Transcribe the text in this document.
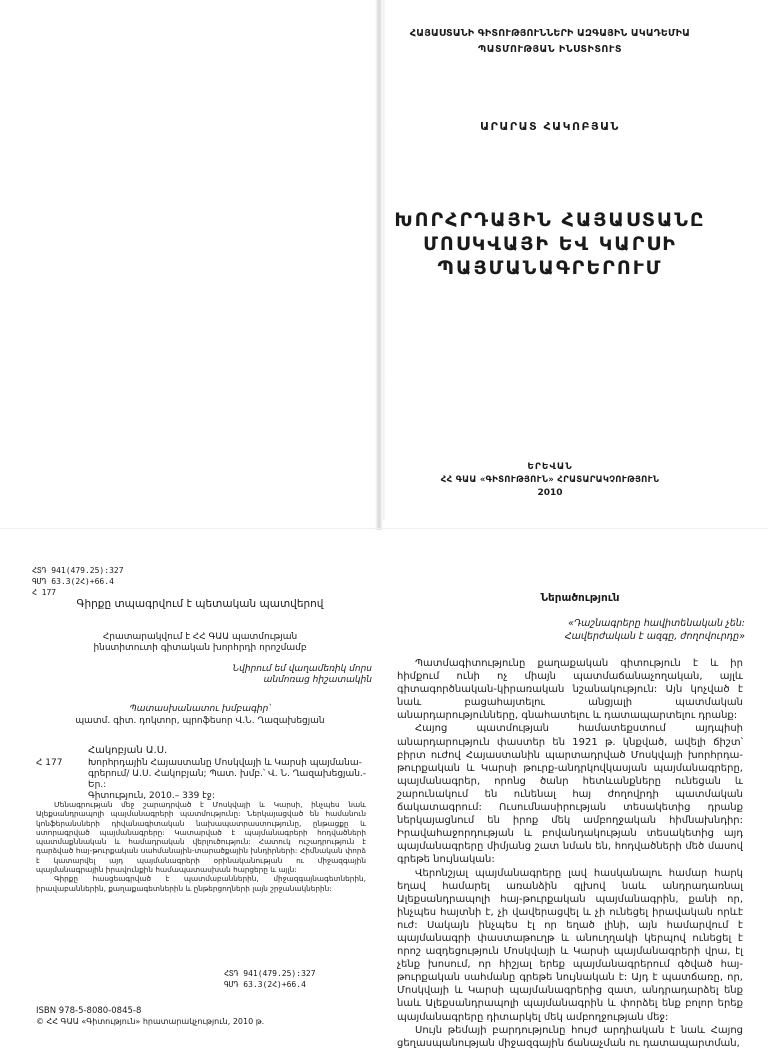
ՀԱՅԱՍՏԱՆԻ ԳԻՏՈՒԹՅՈՒՆՆԵՐԻ ԱԶԳԱՅԻՆ ԱԿԱԴԵՄԻԱ
ՊԱՏՄՈՒԹՅԱՆ ԻՆՍՏԻՏՈՒՏ
ԱՐԱՐԱՏ ՀԱԿՈԲՅԱՆ
ԽՈՐՀՐԴԱՅԻՆ ՀԱՅԱՍՏԱՆԸ
ՄՈՍԿՎԱՅԻ ԵՎ ԿԱՐՍԻ
ՊԱՅՄԱՆԱԳՐԵՐՈՒՄ
ԵՐԵՎԱՆ
ՀՀ ԳԱԱ «ԳԻՏՈՒԹՅՈՒՆ» ՀՐԱՏԱՐԱԿՉՈՒԹՅՈՒՆ
2010
ՀՏԴ 941(479.25):327
ԳՄԴ 63.3(2Հ)+66.4
Հ 177
Գիրքը տպագրվում է պետական պատվերով
Հրատարակվում է ՀՀ ԳԱԱ պատմության
ինստիտուտի գիտական խորհրդի որոշմամբ
Նվիրում եմ վաղամեռիկ մորս
անմոռաց հիշատակին
Պատասխանատու խմբագիր՝
պատմ. գիտ. դոկտոր, պրոֆեսոր Վ.Ն. Ղազախեցյան
Հակոբյան Ա.Ս.
Հ 177	Խորհրդային Հայաստանը Մոսկվայի և Կարսի պայմանա-
գրերում/ Ա.Ս. Հակոբյան; Պատ. խմբ.՝ Վ. Ն. Ղազախեցյան.-Եր.:
Գիտություն, 2010.– 339 էջ:

Մենագրության մեջ շարադրված է Մոսկվայի և Կարսի, ինչպես նաև Ալեքսանդրապոլի պայմանագրերի պատմությունը: Ներկայացված են համանուն կոնֆերանսների դիվանագիտական նախապատրաստությունը, ընթացքը և ստորագրված պայմանագրերը: Կատարված է պայմանագրերի հոդվածների պատմաքննական և համադրական վերլուծություն: Հատուկ ուշադրություն է դարձված հայ-թուրքական սահմանային-տարածքային խնդիրների: Հիմնական փորձ է կատարվել այդ պայմանագրերի օրինականության ու միջազգային պայմանագրային իրավունքին համապատասխան հարցերը և այլն:

Գիրքը հասցեագրված է պատմաբաններին, միջազգայնագետներին, իրավաբաններին, քաղաքագետներին և ընթերցողների լայն շրջանակներին:

ՀՏԴ 941(479.25):327
ԳՄԴ 63.3(2Հ)+66.4
ISBN 978-5-8080-0845-8
© ՀՀ ԳԱԱ «Գիտություն» հրատարակչություն, 2010 թ.
Ներածություն
«Դաշնագրերը հավիտենական չեն:
Հավերժական է ազգը, ժողովուրդը»

Պատմագիտությունը քաղաքական գիտություն է և իր հիմքում ունի ոչ միայն պատմաճանաչողական, այլև գիտագործնական-կիրառական նշանակություն: Այն կոչված է նաև բացահայտելու անցյալի պատմական անարդարությունները, գնահատելու և դատապարտելու դրանք:

Հայոց պատմության համատեքստում այդպիսի անարդարություն փաստեր են 1921 թ. կնքված, ավելի ճիշտ՝ բիրտ ուժով Հայաստանին պարտադրված Մոսկվայի խորհրդա-թուրքական և Կարսի թուրք-անդրկովկասյան պայմանագրերը, պայմանագրեր, որոնց ծանր հետևանքները ունեցան և շարունակում են ունենալ հայ ժողովրդի պատմական ճակատագրում: Ուսումնասիրության տեսակետից դրանք ներկայացնում են իրոք մեկ ամբողջական հիմնախնդիր: Իրավահաջորդության և բովանդակության տեսակետից այդ պայմանագրերը միմյանց շատ նման են, հոդվածների մեծ մասով գրեթե նույնական:

Վերոնշյալ պայմանագրերը լավ հասկանալու համար հարկ եղավ համարել առանձին գլխով նաև անդրադառնալ Ալեքսանդրապոլի հայ-թուրքական պայմանագրին, քանի որ, ինչպես հայտնի է, չի վավերացվել և չի ունեցել իրավական որևէ ուժ: Սակայն ինչպես էլ որ եղած լինի, այն համարվում է պայմանագրի փաստաթուղթ և անուղղակի կերպով ունեցել է որոշ ազդեցություն Մոսկվայի և Կարսի պայմանագրերի վրա, էլ չենք խոսում, որ հիշյալ երեք պայմանագրերում գծված հայ-թուրքական սահմանը գրեթե նույնական է: Այդ է պատճառը, որ, Մոսկվայի և Կարսի պայմանագրերից զատ, անդրադարձել ենք նաև Ալեքսանդրապոլի պայմանագրին և փորձել ենք բոլոր երեք պայմանագրերը դիտարկել մեկ ամբողջության մեջ:

Սույն թեմայի բարդությունը հույժ արդիական է նաև Հայոց ցեղասպանության միջազգային ճանաչման ու դատապարտման,
